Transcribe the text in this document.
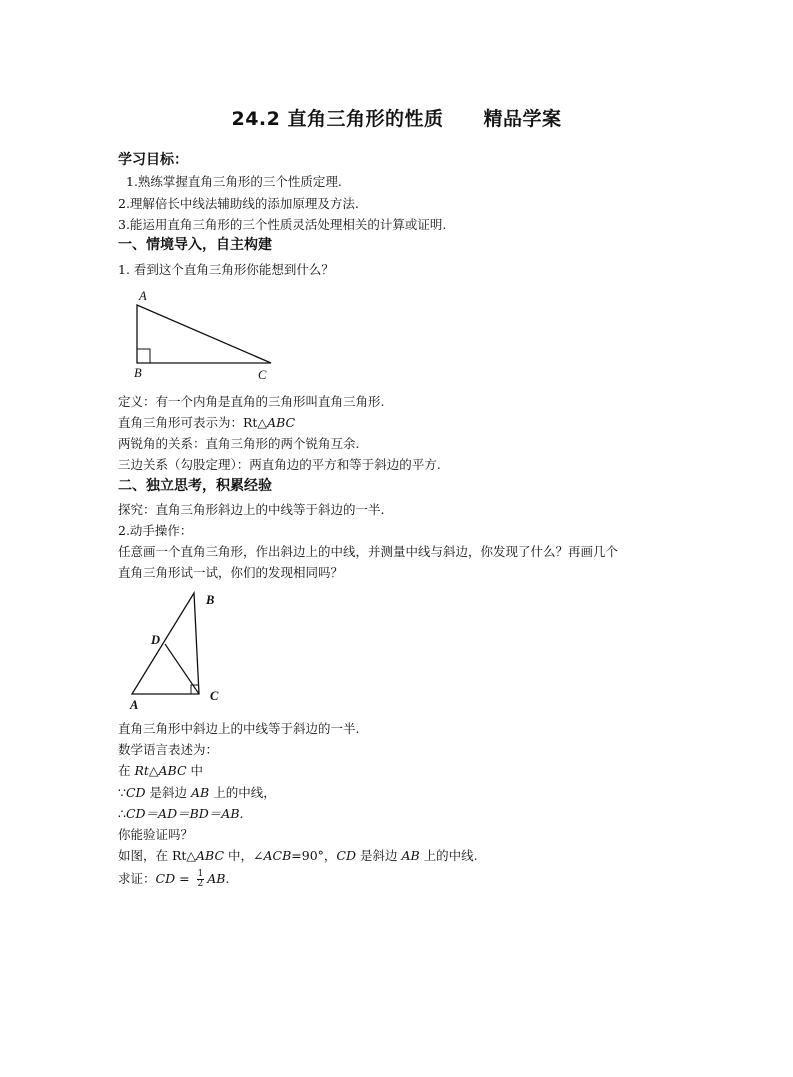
24.2 直角三角形的性质 精品学案
学习目标：
1.熟练掌握直角三角形的三个性质定理.
2.理解倍长中线法辅助线的添加原理及方法.
3.能运用直角三角形的三个性质灵活处理相关的计算或证明.
一、情境导入，自主构建
1. 看到这个直角三角形你能想到什么？
A
B	C
定义：有一个内角是直角的三角形叫直角三角形.
直角三角形可表示为：Rt△ABC
两锐角的关系：直角三角形的两个锐角互余.
三边关系（勾股定理）：两直角边的平方和等于斜边的平方.
二、独立思考，积累经验
探究：直角三角形斜边上的中线等于斜边的一半.
2.动手操作：
任意画一个直角三角形，作出斜边上的中线，并测量中线与斜边，你发现了什么？再画几个
直角三角形试一试，你们的发现相同吗？
B
D
C
A
直角三角形中斜边上的中线等于斜边的一半.
数学语言表述为：
在 Rt△ABC 中
∵CD 是斜边 AB 上的中线，
∴CD＝AD＝BD＝AB.
你能验证吗？
如图，在 Rt△ABC 中，∠ACB=90°，CD 是斜边 AB 上的中线.
求证：CD = $\frac{1}{2}$ AB.
